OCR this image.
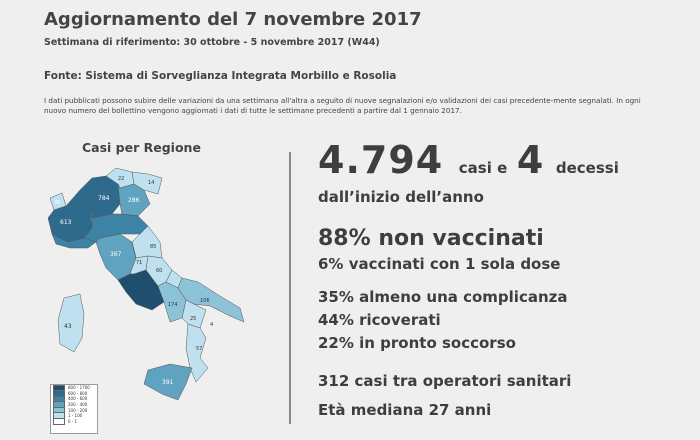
Aggiornamento del 7 novembre 2017
Settimana di riferimento: 30 ottobre - 5 novembre 2017 (W44)
Fonte: Sistema di Sorveglianza Integrata Morbillo e Rosolia
I dati pubblicati possono subire delle variazioni da una settimana all'altra a seguito di nuove segnalazioni e/o validazioni dei casi precedente-mente segnalati. In ogni nuovo numero del bollettino vengono aggiornati i dati di tutte le settimane precedenti a partire dal 1 gennaio 2017.
Casi per Regione
35
613
784
22
286
14
367
85
71
60
174
106
25
4
57
391
43
800 - 1700
600 - 800
400 - 600
200 - 400
100 - 200
1 - 100
0 - 1
4.794 casi e 4 decessi
dall’inizio dell’anno
88% non vaccinati
6% vaccinati con 1 sola dose
35% almeno una complicanza
44% ricoverati
22% in pronto soccorso
312 casi tra operatori sanitari
Età mediana 27 anni
